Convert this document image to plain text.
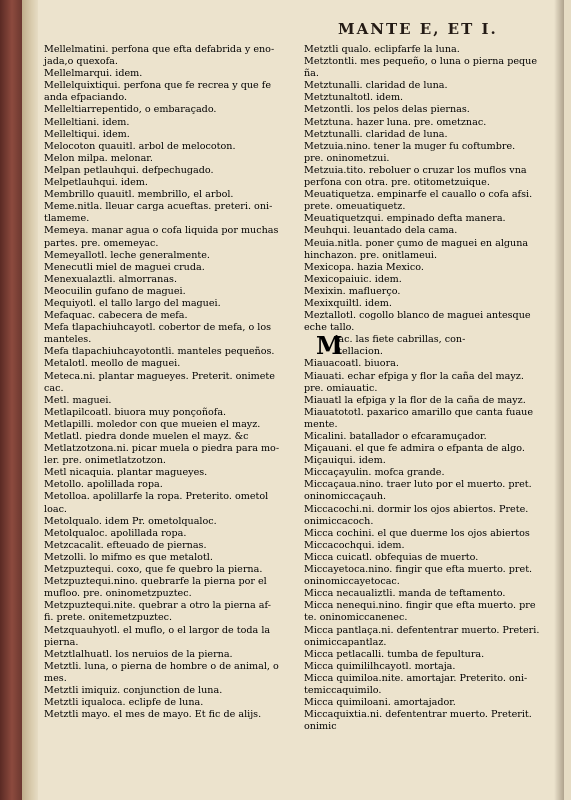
MANTE E, ET I.

Mellelmatini. perfona que efta defabrida y eno-

jada,o quexofa.

Mellelmarqui. idem.

Mellelquixtiqui. perfona que fe recrea y que fe

anda efpaciando.

Melleltiarrepentido, o embaraçado.

Melleltiani. idem.

Melleltiqui. idem.

Melocoton quauitl. arbol de melocoton.

Melon milpa. melonar.

Melpan petlauhqui. defpechugado.

Melpetlauhqui. idem.

Membrillo quauitl. membrillo, el arbol.

Meme.nitla. lleuar carga acueftas. preteri. oni-

tlameme.

Memeya. manar agua o cofa liquida por muchas

partes. pre. omemeyac.

Memeyallotl. leche generalmente.

Menecutli miel de maguei cruda.

Menexualaztli. almorranas.

Meocuilin gufano de maguei.

Mequiyotl. el tallo largo del maguei.

Mefaquac. cabecera de mefa.

Mefa tlapachiuhcayotl. cobertor de mefa, o los

manteles.

Mefa tlapachiuhcayotontli. manteles pequeños.

Metalotl. meollo de maguei.

Meteca.ni. plantar magueyes. Preterit. onimete

cac.

Metl. maguei.

Metlapilcoatl. biuora muy ponçoñofa.

Metlapilli. moledor con que mueien el mayz.

Metlatl. piedra donde muelen el mayz. &c

Metlatzotzona.ni. picar muela o piedra para mo-

ler. pre. onimetlatzotzon.

Metl nicaquia. plantar magueyes.

Metollo. apolillada ropa.

Metolloa. apolillarfe la ropa. Preterito. ometol

loac.

Metolqualo. idem Pr. ometolqualoc.

Metolqualoc. apolillada ropa.

Metzcacalit. efteuado de piernas.

Metzolli. lo mifmo es que metalotl.

Metzpuztequi. coxo, que fe quebro la pierna.

Metzpuztequi.nino. quebrarfe la pierna por el

mufloo. pre. oninometzpuztec.

Metzpuztequi.nite. quebrar a otro la pierna af-

fi. prete. onitemetzpuztec.

Metzquauhyotl. el muflo, o el largor de toda la

pierna.

Metztlalhuatl. los neruios de la pierna.

Metztli. luna, o pierna de hombre o de animal, o

mes.

Metztli imiquiz. conjunction de luna.

Metztli iqualoca. eclipfe de luna.

Metztli mayo. el mes de mayo. Et fic de alijs.

Metztli qualo. eclipfarfe la luna.

Metztontli. mes pequeño, o luna o pierna peque

ña.

Metztunalli. claridad de luna.

Metztunaltotl. idem.

Metzontli. los pelos delas piernas.

Metztuna. hazer luna. pre. ometznac.

Metztunalli. claridad de luna.

Metzuia.nino. tener la muger fu coftumbre.

pre. oninometzui.

Metzuia.tito. reboluer o cruzar los muflos vna

perfona con otra. pre. otitometzuique.

Meuatiquetza. empinarfe el cauallo o cofa afsi.

prete. omeuatiquetz.

Meuatiquetzqui. empinado defta manera.

Meuhqui. leuantado dela cama.

Meuia.nitla. poner çumo de maguei en alguna

hinchazon. pre. onitlameui.

Mexicopa. hazia Mexico.

Mexicopaiuic. idem.

Mexixin. mafluerço.

Mexixquiltl. idem.

Meztallotl. cogollo blanco de maguei antesque

eche tallo.

M

Iac. las fiete cabrillas, con-

ftellacion.

Miauacoatl. biuora.

Miauati. echar efpiga y flor la caña del mayz.

pre. omiauatic.

Miauatl la efpiga y la flor de la caña de mayz.

Miauatototl. paxarico amarillo que canta fuaue

mente.

Micalini. batallador o efcaramuçador.

Miçauani. el que fe admira o efpanta de algo.

Miçauiqui. idem.

Miccaçayulin. mofca grande.

Miccaçaua.nino. traer luto por el muerto. pret.

oninomiccaçauh.

Miccacochi.ni. dormir los ojos abiertos. Prete.

onimiccacoch.

Micca cochini. el que duerme los ojos abiertos

Miccacochqui. idem.

Micca cuicatl. obfequias de muerto.

Miccayetoca.nino. fingir que efta muerto. pret.

oninomiccayetocac.

Micca necaualiztli. manda de teftamento.

Micca nenequi.nino. fingir que efta muerto. pre

te. oninomiccanenec.

Micca pantlaça.ni. defententrar muerto. Preteri.

onimiccapantlaz.

Micca petlacalli. tumba de fepultura.

Micca quimililhcayotl. mortaja.

Micca quimiloa.nite. amortajar. Preterito. oni-

temiccaquimilo.

Micca quimiloani. amortajador.

Miccaquixtia.ni. defententrar muerto. Preterit.

onimic
